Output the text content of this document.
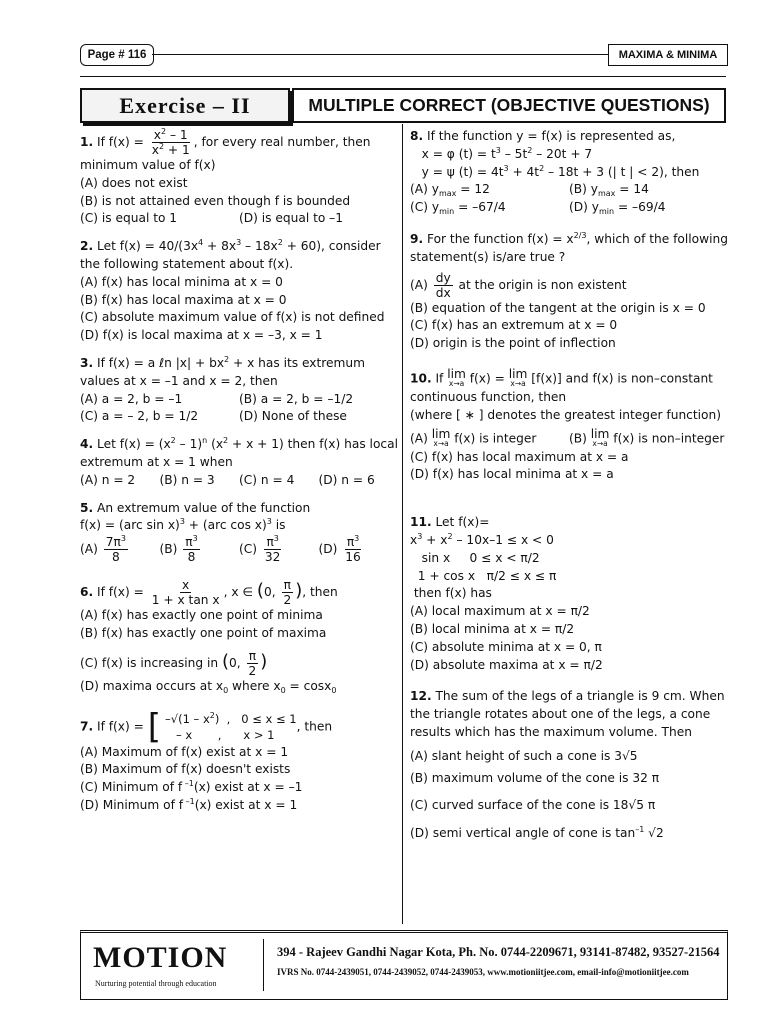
Page # 116	MAXIMA & MINIMA
Exercise – II	MULTIPLE CORRECT (OBJECTIVE QUESTIONS)

1. If $f(x) = \frac{x^2 - 1}{x^2 + 1}$ , for every real number, then minimum value of f(x)

(A) does not exist

(B) is not attained even though f is bounded

(C) is equal to 1	(D) is equal to –1

2. Let $f(x) = 40/(3x^4 + 8x^3 - 18x^2 + 60)$, consider the following statement about f(x).

(A) f(x) has local minima at x = 0

(B) f(x) has local maxima at x = 0

(C) absolute maximum value of f(x) is not defined

(D) f(x) is local maxima at x = –3, x = 1

3. If f(x) = a ℓn $|x| + bx^2 + x$ has its extremum values at x = –1 and x = 2, then

(A) a = 2, b = –1	(B) a = 2, b = –1/2
(C) a = – 2, b = 1/2	(D) None of these

4. Let $f(x) = (x^2 - 1)^n$ $(x^2 + x + 1)$ then f(x) has local extremum at x = 1 when

(A) n = 2	(B) n = 3	(C) n = 4	(D) n = 6

5. An extremum value of the function

f(x) = (arc sin x)$^3$ + (arc cos x)$^3$ is

$(A) \frac{7\pi^3}{8}$	$(B) \frac{\pi^3}{8}$	$(C) \frac{\pi^3}{32}$	$(D) \frac{\pi^3}{16}$

6. If $f(x) = \frac{x}{\text{1 + x tan x}}$ , x ∈ (0, $\frac{\pi}{2}$ ), then

(A) f(x) has exactly one point of minima

(B) f(x) has exactly one point of maxima

(C) f(x) is increasing in (0, $\frac{\pi}{2}$ )

(D) maxima occurs at $x_0$ where $x_0 = \cos x_0$

7. If f(x) = [ $-√(1 - x^2)$  ,   0 ≤ x ≤ 1
– x       ,      x > 1
, then

(A) Maximum of f(x) exist at x = 1

(B) Maximum of f(x) doesn't exists

(C) Minimum of f $^{-1}$(x) exist at x = –1

(D) Minimum of f $^{-1}$(x) exist at x = 1

8. If the function y = f(x) is represented as,

x = φ $(t) = t^3 - 5t^2 - 20t + 7$

y = ψ $(t) = 4t^3 + 4t^2 - 18t + 3$ (| t | < 2), then

(A) $y_{max} = 12$	(B) $y_{max} = 14$
(C) $y_{min} = -67/4$	(D) $y_{min} = -69/4$

9. For the function $f(x) = x^{2/3}$, which of the following statement(s) is/are true ?

$(A) \frac{dy}{dx}$ at the origin is non existent

(B) equation of the tangent at the origin is x = 0

(C) f(x) has an extremum at x = 0

(D) origin is the point of inflection

10. If lim
x→a f(x) = lim
x→a [f(x)] and f(x) is non–constant continuous function, then

(where [ ∗ ] denotes the greatest integer function)

(A) lim
x→a f(x) is integer	(B) lim
x→a f(x) is non–integer

(C) f(x) has local maximum at x = a

(D) f(x) has local minima at x = a

11. Let f(x)=

$x^3 + x^2 - 10x-1 \le x < 0$
sin x     0 ≤ x < π/2
1 + cos x   π/2 ≤ x ≤ π
then f(x) has

(A) local maximum at x = π/2

(B) local minima at x = π/2

(C) absolute minima at x = 0, π

(D) absolute maxima at x = π/2

12. The sum of the legs of a triangle is 9 cm. When the triangle rotates about one of the legs, a cone results which has the maximum volume. Then

(A) slant height of such a cone is 3√5

(B) maximum volume of the cone is 32 π

(C) curved surface of the cone is 18√5 π

(D) semi vertical angle of cone is $\tan^{-1} √2$

MOTION
Nurturing potential through education
394 - Rajeev Gandhi Nagar Kota, Ph. No. 0744-2209671, 93141-87482, 93527-21564
IVRS No. 0744-2439051, 0744-2439052, 0744-2439053, www.motioniitjee.com, email-info@motioniitjee.com
